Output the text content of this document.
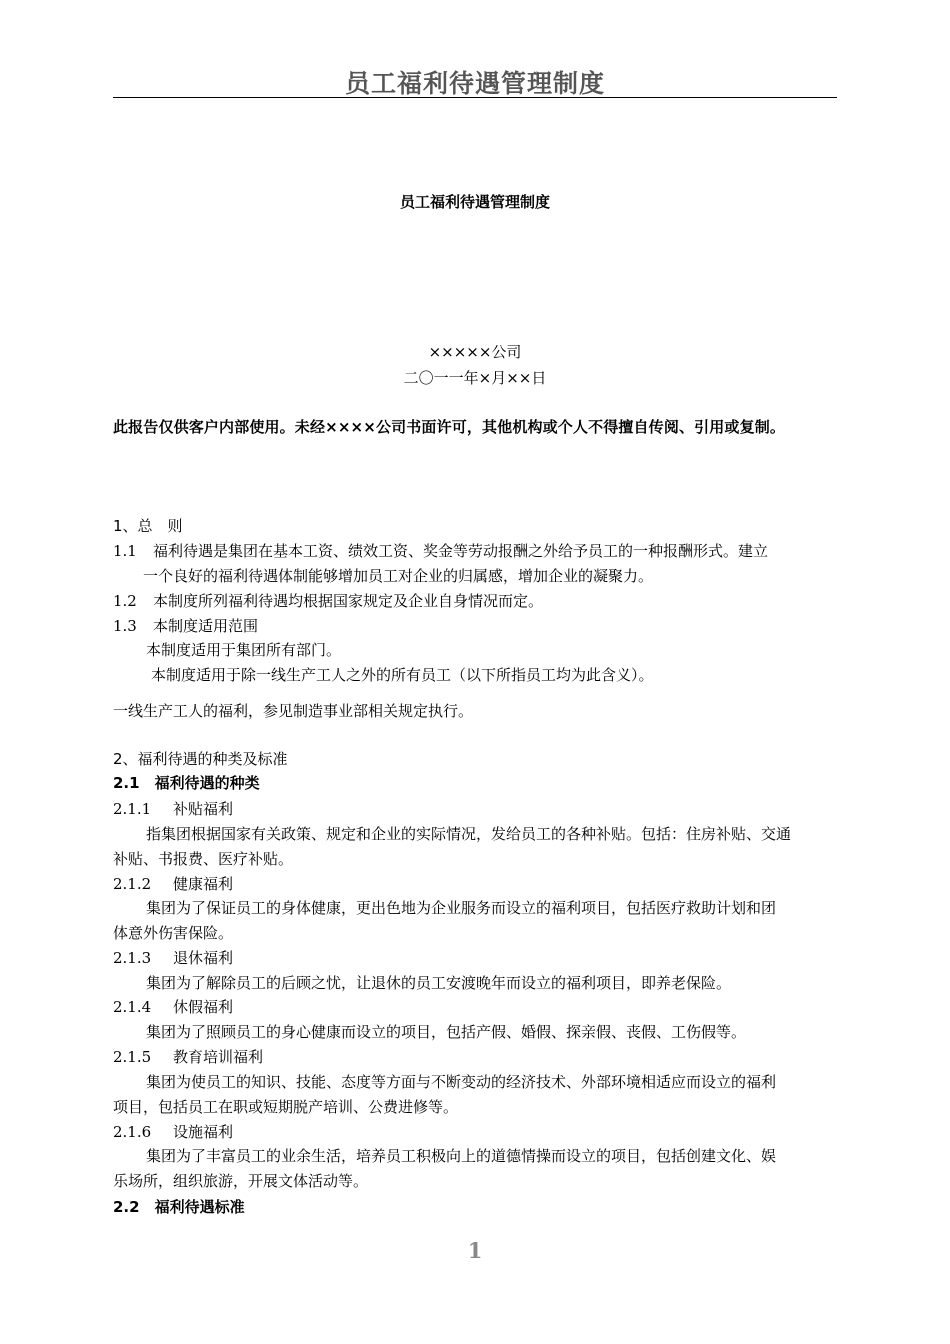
员工福利待遇管理制度
员工福利待遇管理制度
×××××公司
二〇一一年×月××日
此报告仅供客户内部使用。未经××××公司书面许可，其他机构或个人不得擅自传阅、引用或复制。
1、总　则
1.1 福利待遇是集团在基本工资、绩效工资、奖金等劳动报酬之外给予员工的一种报酬形式。建立
一个良好的福利待遇体制能够增加员工对企业的归属感，增加企业的凝聚力。
1.2 本制度所列福利待遇均根据国家规定及企业自身情况而定。
1.3 本制度适用范围
本制度适用于集团所有部门。
本制度适用于除一线生产工人之外的所有员工（以下所指员工均为此含义）。
一线生产工人的福利，参见制造事业部相关规定执行。
2、福利待遇的种类及标准
2.1　福利待遇的种类
2.1.1 补贴福利
指集团根据国家有关政策、规定和企业的实际情况，发给员工的各种补贴。包括：住房补贴、交通
补贴、书报费、医疗补贴。
2.1.2 健康福利
集团为了保证员工的身体健康，更出色地为企业服务而设立的福利项目，包括医疗救助计划和团
体意外伤害保险。
2.1.3 退休福利
集团为了解除员工的后顾之忧，让退休的员工安渡晚年而设立的福利项目，即养老保险。
2.1.4 休假福利
集团为了照顾员工的身心健康而设立的项目，包括产假、婚假、探亲假、丧假、工伤假等。
2.1.5 教育培训福利
集团为使员工的知识、技能、态度等方面与不断变动的经济技术、外部环境相适应而设立的福利
项目，包括员工在职或短期脱产培训、公费进修等。
2.1.6 设施福利
集团为了丰富员工的业余生活，培养员工积极向上的道德情操而设立的项目，包括创建文化、娱
乐场所，组织旅游，开展文体活动等。
2.2　福利待遇标准
1
